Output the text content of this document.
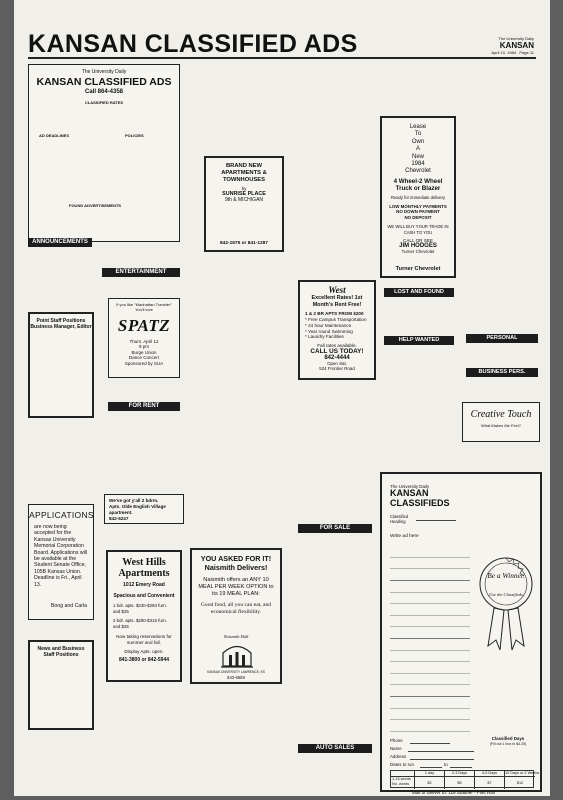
KANSAN CLASSIFIED ADS	The University Daily
KANSAN
April 10, 1984 Page 11
The University Daily
KANSAN CLASSIFIED ADS
Call 864-4358
CLASSIFIED RATES
AD DEADLINES	POLICIES
FOUND ADVERTISEMENTS
ANNOUNCEMENTS
Point Staff Positions
Business Manager, Editor
APPLICATIONS
are now being accepted for the Kansas University Memorial Corporation Board. Applications will be available at the Student Senate Office, 105B Kansas Union. Deadline is Fri., April 13.
Boog and Carla
News and Business Staff Positions
ENTERTAINMENT
If you like "Manhattan Transfer" You'll love
SPATZ
Thurs. April 12
9 pm
Burge Union
Dance Concert
Sponsored by SUA
FOR RENT
We've got y'all 2 bdrm.
Apts. Olde English Village apartment.
842-6247
West Hills Apartments
1012 Emery Road
Spacious and Convenient
1 bdr. apts. $230-$250 furn. and $25
2 bdr. apts. $290-$315 furn. and $25
Now taking reservations for summer and fall.
Display Apts. open.
841-3800 or 842-5944
BRAND NEW APARTMENTS & TOWNHOUSES
by
SUNRISE PLACE
9th & MICHIGAN
842-1675 or 841-1287
YOU ASKED FOR IT! Naismith Delivers!
Naismith offers an ANY 10 MEAL PER WEEK OPTION to its 19 MEAL PLAN:
Good food, all you can eat, and economical flexibility.
Naismith Hall
KANSAS UNIVERSITY LAWRENCE, KS
843-8559
West
Excellent Rates! 1st Month's Rent Free!
1 & 2 BR APTS FROM $200
* Free Campus Transportation
* 24 hour Maintenance
* Year round Swimming
* Laundry Facilities
Fall rates available.
CALL US TODAY!
842-4444
Open Sat.
524 Frontier Road
FOR SALE
AUTO SALES
Lease
To
Own
A
New
1984
Chevrolet
4 Wheel-2 Wheel
Truck or Blazer
Ready for immediate delivery
LOW MONTHLY PAYMENTS
NO DOWN PAYMENT
NO DEPOSIT
WE WILL BUY YOUR TRADE IN CASH TO YOU
CALL OR SEE
JIM HODGES
Turner Chevrolet
Turner Chevrolet
LOST AND FOUND
HELP WANTED	PERSONAL
BUSINESS PERS.
Creative Touch
What Makes Me Feel?
The University Daily
KANSAN
CLASSIFIEDS
Classified
Heading
Write ad here
Be a Winner.
Use the Classifieds
Phone
Name
Address
Dates to run	to
Classified Days
(Fill out 1 box in $4.25)
1 day	2-3 Days	4-5 Days	10 Days or 2 Weeks
1-15 words
No. words	$2	$5	$7	$12
Mail or deliver to: 119 Stauffer - Flint Hall
